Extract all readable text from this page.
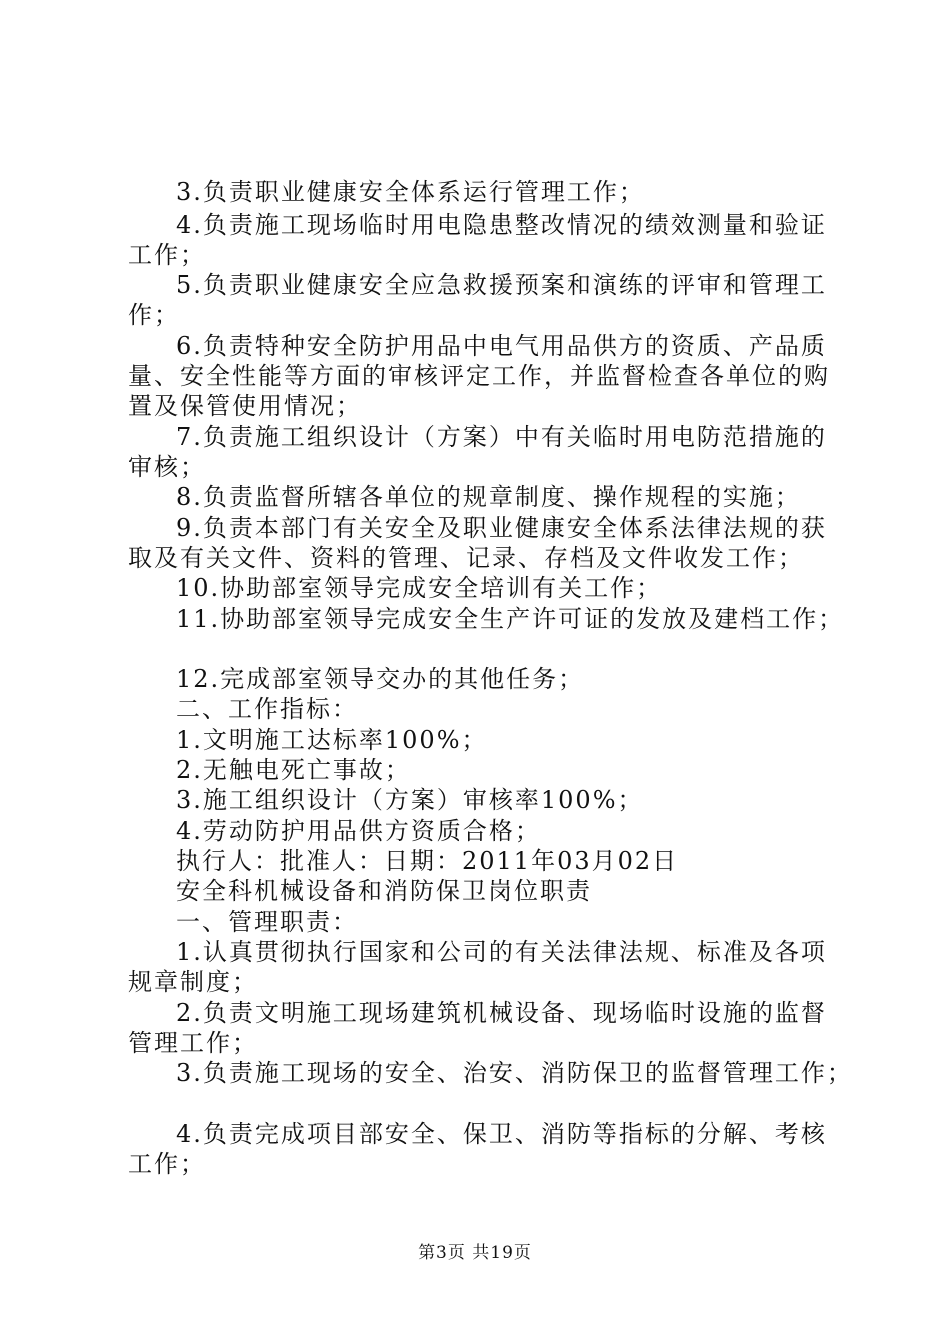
3.负责职业健康安全体系运行管理工作；
4.负责施工现场临时用电隐患整改情况的绩效测量和验证
工作；
5.负责职业健康安全应急救援预案和演练的评审和管理工
作；
6.负责特种安全防护用品中电气用品供方的资质、产品质
量、安全性能等方面的审核评定工作，并监督检查各单位的购
置及保管使用情况；
7.负责施工组织设计（方案）中有关临时用电防范措施的
审核；
8.负责监督所辖各单位的规章制度、操作规程的实施；
9.负责本部门有关安全及职业健康安全体系法律法规的获
取及有关文件、资料的管理、记录、存档及文件收发工作；
10.协助部室领导完成安全培训有关工作；
11.协助部室领导完成安全生产许可证的发放及建档工作；
12.完成部室领导交办的其他任务；
二、工作指标：
1.文明施工达标率100%；
2.无触电死亡事故；
3.施工组织设计（方案）审核率100%；
4.劳动防护用品供方资质合格；
执行人：批准人：日期：2011年03月02日
安全科机械设备和消防保卫岗位职责
一、管理职责：
1.认真贯彻执行国家和公司的有关法律法规、标准及各项
规章制度；
2.负责文明施工现场建筑机械设备、现场临时设施的监督
管理工作；
3.负责施工现场的安全、治安、消防保卫的监督管理工作；
4.负责完成项目部安全、保卫、消防等指标的分解、考核
工作；
第3页 共19页
